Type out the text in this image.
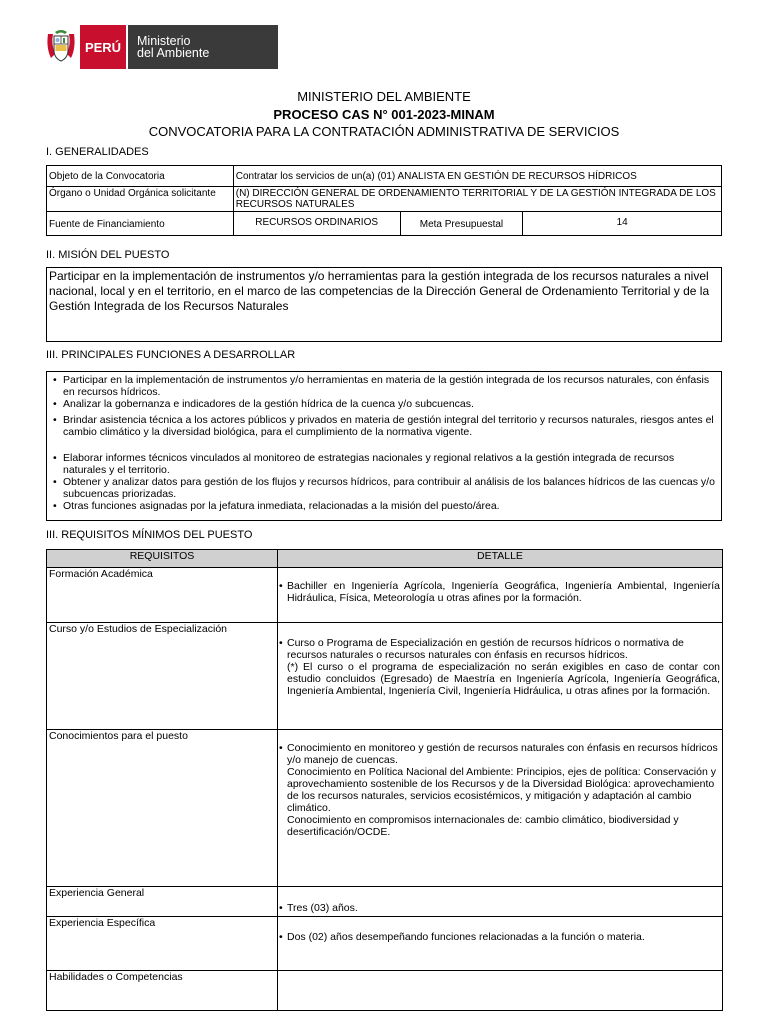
PERÚ	Ministerio
del Ambiente
MINISTERIO DEL AMBIENTE
PROCESO CAS N° 001-2023-MINAM
CONVOCATORIA PARA LA CONTRATACIÓN ADMINISTRATIVA DE SERVICIOS
I. GENERALIDADES
Objeto de la Convocatoria	Contratar los servicios de un(a) (01) ANALISTA EN GESTIÓN DE RECURSOS HÍDRICOS		
Órgano o Unidad Orgánica solicitante	(N) DIRECCIÓN GENERAL DE ORDENAMIENTO TERRITORIAL Y DE LA GESTIÓN INTEGRADA DE LOS RECURSOS NATURALES		
Fuente de Financiamiento	RECURSOS ORDINARIOS	Meta Presupuestal	14
II. MISIÓN DEL PUESTO
Participar en la implementación de instrumentos y/o herramientas para la gestión integrada de los recursos naturales a nivel nacional, local y en el territorio, en el marco de las competencias de la Dirección General de Ordenamiento Territorial y de la Gestión Integrada de los Recursos Naturales
III. PRINCIPALES FUNCIONES A DESARROLLAR
• Participar en la implementación de instrumentos y/o herramientas en materia de la gestión integrada de los recursos naturales, con énfasis en recursos hídricos.
• Analizar la gobernanza e indicadores de la gestión hídrica de la cuenca y/o subcuencas.
• Brindar asistencia técnica a los actores públicos y privados en materia de gestión integral del territorio y recursos naturales, riesgos antes el cambio climático y la diversidad biológica, para el cumplimiento de la normativa vigente.
• Elaborar informes técnicos vinculados al monitoreo de estrategias nacionales y regional relativos a la gestión integrada de recursos naturales y el territorio.
• Obtener y analizar datos para gestión de los flujos y recursos hídricos, para contribuir al análisis de los balances hídricos de las cuencas y/o subcuencas priorizadas.
• Otras funciones asignadas por la jefatura inmediata, relacionadas a la misión del puesto/área.
III. REQUISITOS MÍNIMOS DEL PUESTO
REQUISITOS	DETALLE
Formación Académica	• Bachiller en Ingeniería Agrícola, Ingeniería Geográfica, Ingeniería Ambiental, Ingeniería Hidráulica, Física, Meteorología u otras afines por la formación.

Curso y/o Estudios de Especialización	• Curso o Programa de Especialización en gestión de recursos hídricos o normativa de recursos naturales o recursos naturales con énfasis en recursos hídricos.
(*) El curso o el programa de especialización no serán exigibles en caso de contar con estudio concluidos (Egresado) de Maestría en Ingeniería Agrícola, Ingeniería Geográfica, Ingeniería Ambiental, Ingeniería Civil, Ingeniería Hidráulica, u otras afines por la formación.

Conocimientos para el puesto	• Conocimiento en monitoreo y gestión de recursos naturales con énfasis en recursos hídricos y/o manejo de cuencas.
Conocimiento en Política Nacional del Ambiente: Principios, ejes de política: Conservación y aprovechamiento sostenible de los Recursos y de la Diversidad Biológica: aprovechamiento de los recursos naturales, servicios ecosistémicos, y mitigación y adaptación al cambio climático.
Conocimiento en compromisos internacionales de: cambio climático, biodiversidad y desertificación/OCDE.

Experiencia General	• Tres (03) años.

Experiencia Específica	• Dos (02) años desempeñando funciones relacionadas a la función o materia.

Habilidades o Competencias	
